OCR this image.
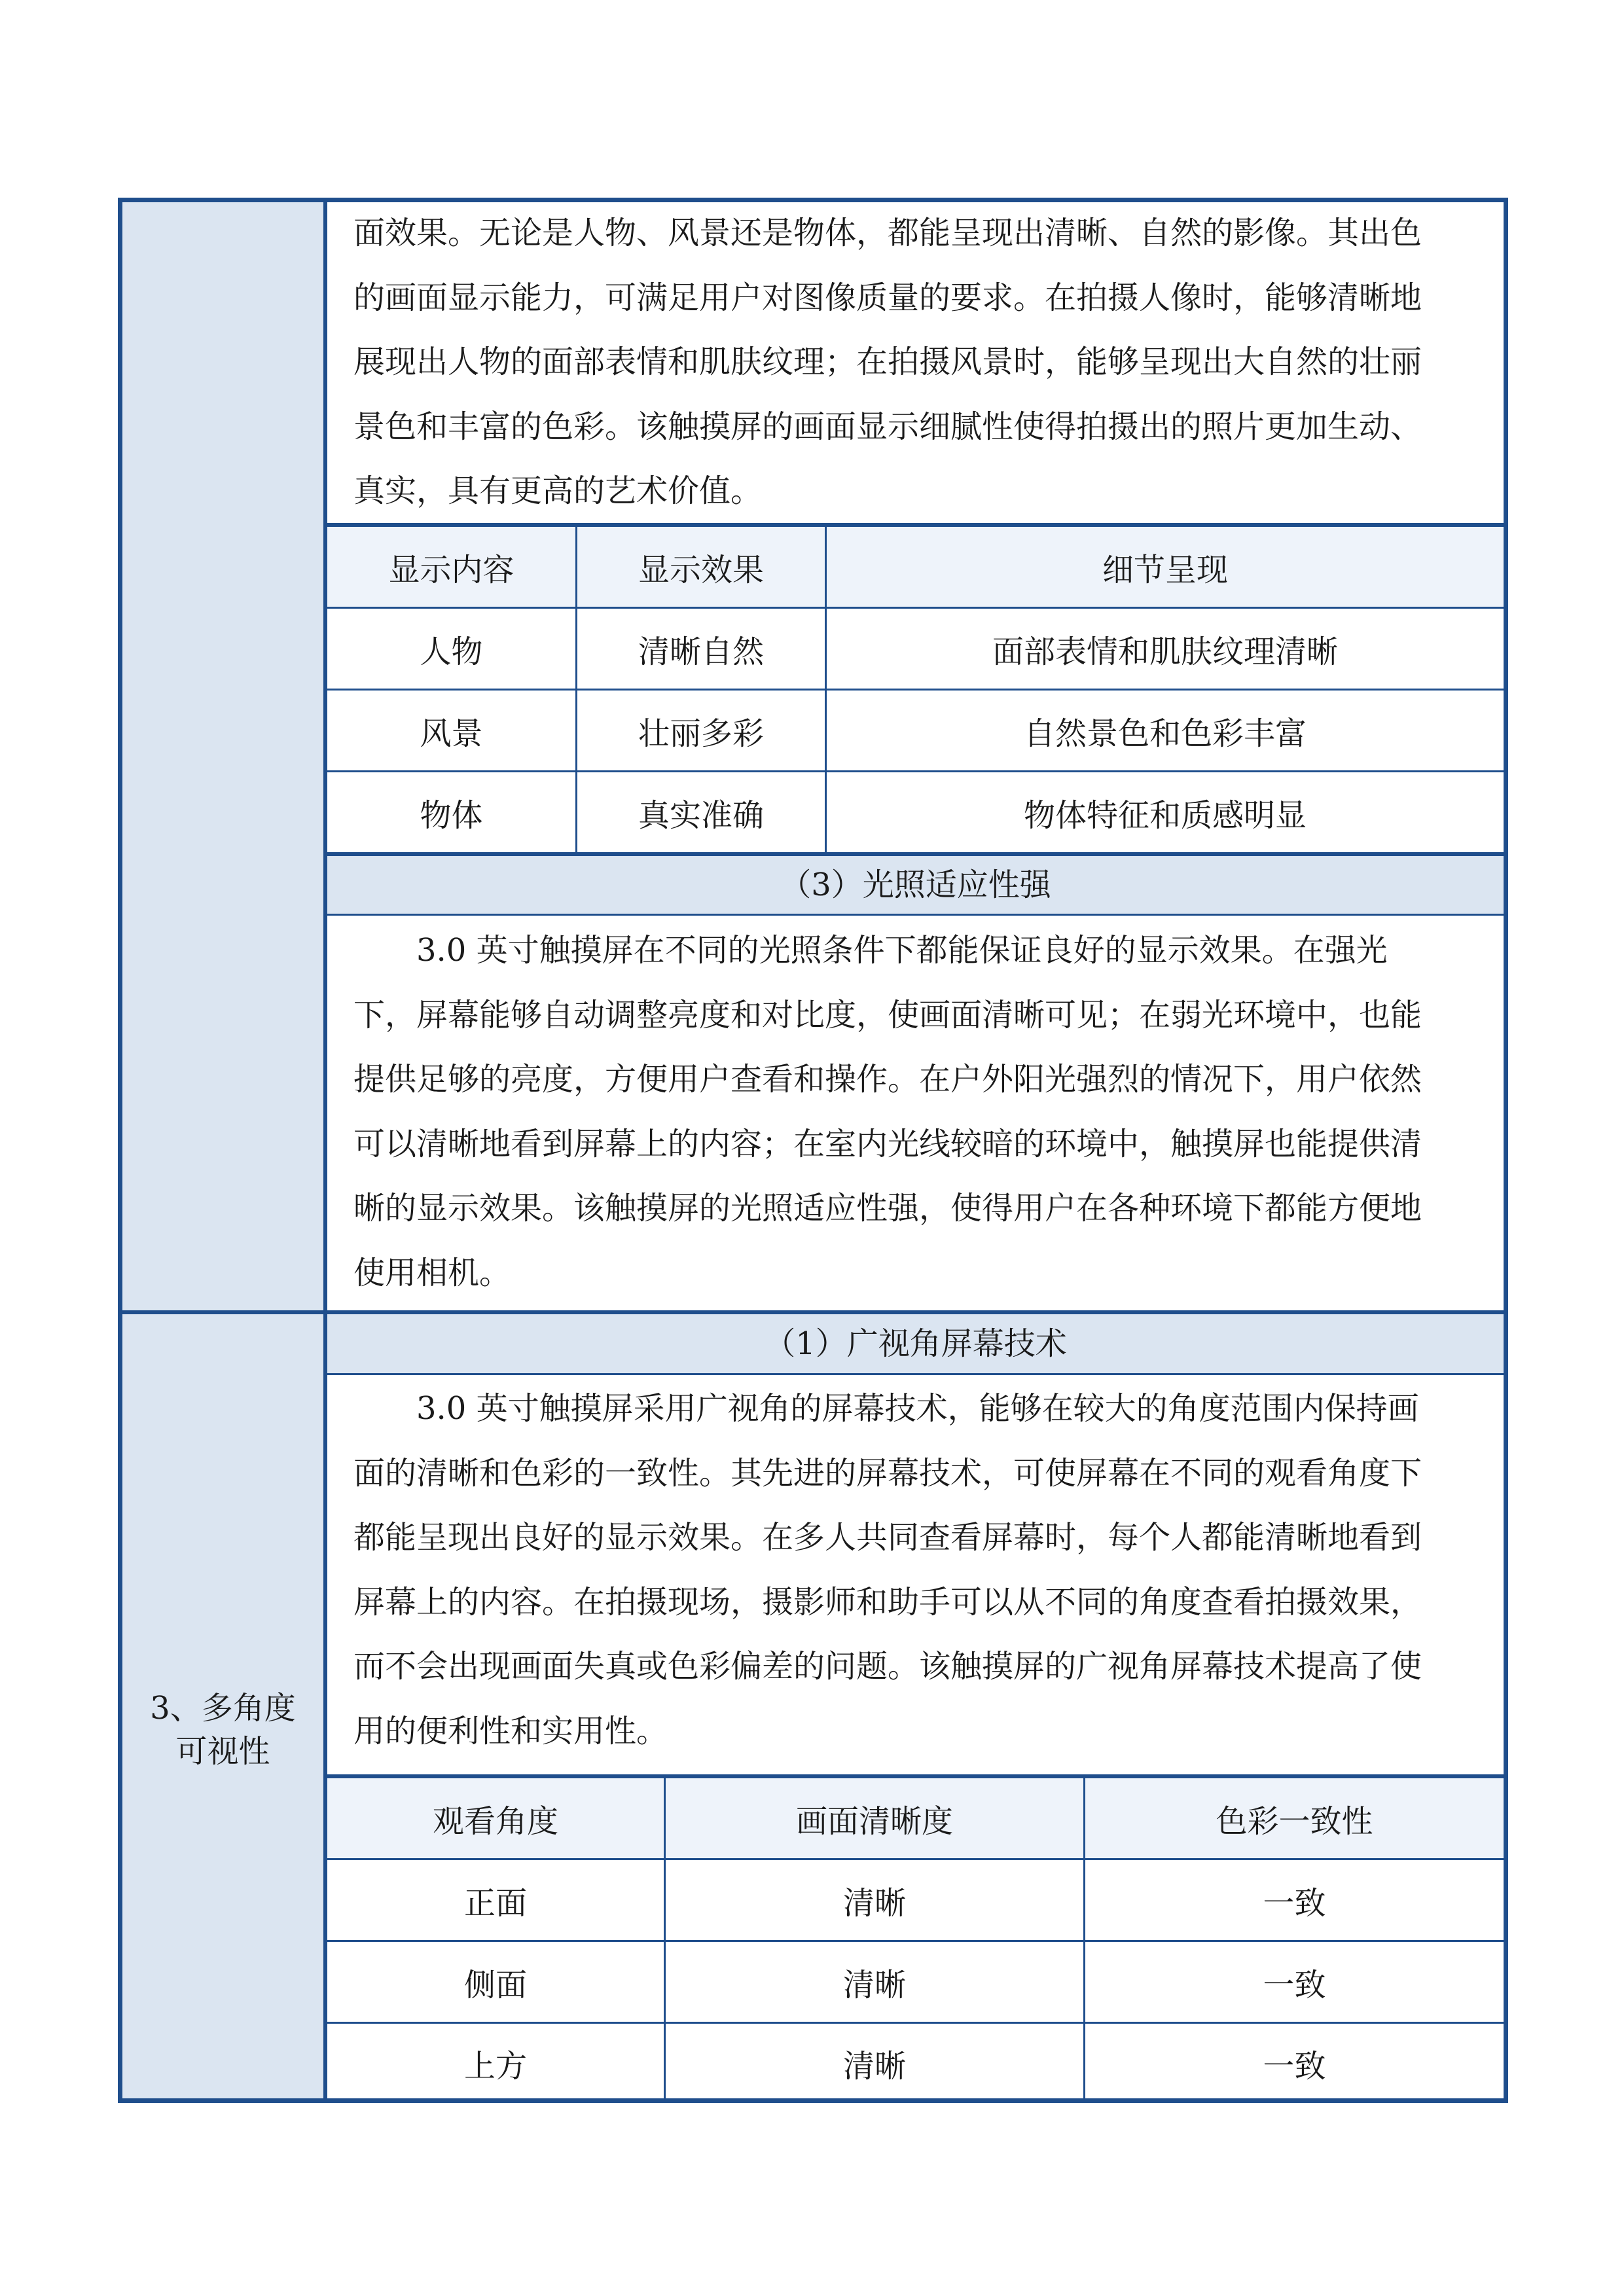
3、多角度
可视性
面效果。无论是人物、风景还是物体，都能呈现出清晰、自然的影像。其出色
的画面显示能力，可满足用户对图像质量的要求。在拍摄人像时，能够清晰地
展现出人物的面部表情和肌肤纹理；在拍摄风景时，能够呈现出大自然的壮丽
景色和丰富的色彩。该触摸屏的画面显示细腻性使得拍摄出的照片更加生动、
真实，具有更高的艺术价值。
显示内容	显示效果	细节呈现
人物	清晰自然	面部表情和肌肤纹理清晰
风景	壮丽多彩	自然景色和色彩丰富
物体	真实准确	物体特征和质感明显
（3）光照适应性强
3.0 英寸触摸屏在不同的光照条件下都能保证良好的显示效果。在强光
下，屏幕能够自动调整亮度和对比度，使画面清晰可见；在弱光环境中，也能
提供足够的亮度，方便用户查看和操作。在户外阳光强烈的情况下，用户依然
可以清晰地看到屏幕上的内容；在室内光线较暗的环境中，触摸屏也能提供清
晰的显示效果。该触摸屏的光照适应性强，使得用户在各种环境下都能方便地
使用相机。
（1）广视角屏幕技术
3.0 英寸触摸屏采用广视角的屏幕技术，能够在较大的角度范围内保持画
面的清晰和色彩的一致性。其先进的屏幕技术，可使屏幕在不同的观看角度下
都能呈现出良好的显示效果。在多人共同查看屏幕时，每个人都能清晰地看到
屏幕上的内容。在拍摄现场，摄影师和助手可以从不同的角度查看拍摄效果，
而不会出现画面失真或色彩偏差的问题。该触摸屏的广视角屏幕技术提高了使
用的便利性和实用性。
观看角度	画面清晰度	色彩一致性
正面	清晰	一致
侧面	清晰	一致
上方	清晰	一致
